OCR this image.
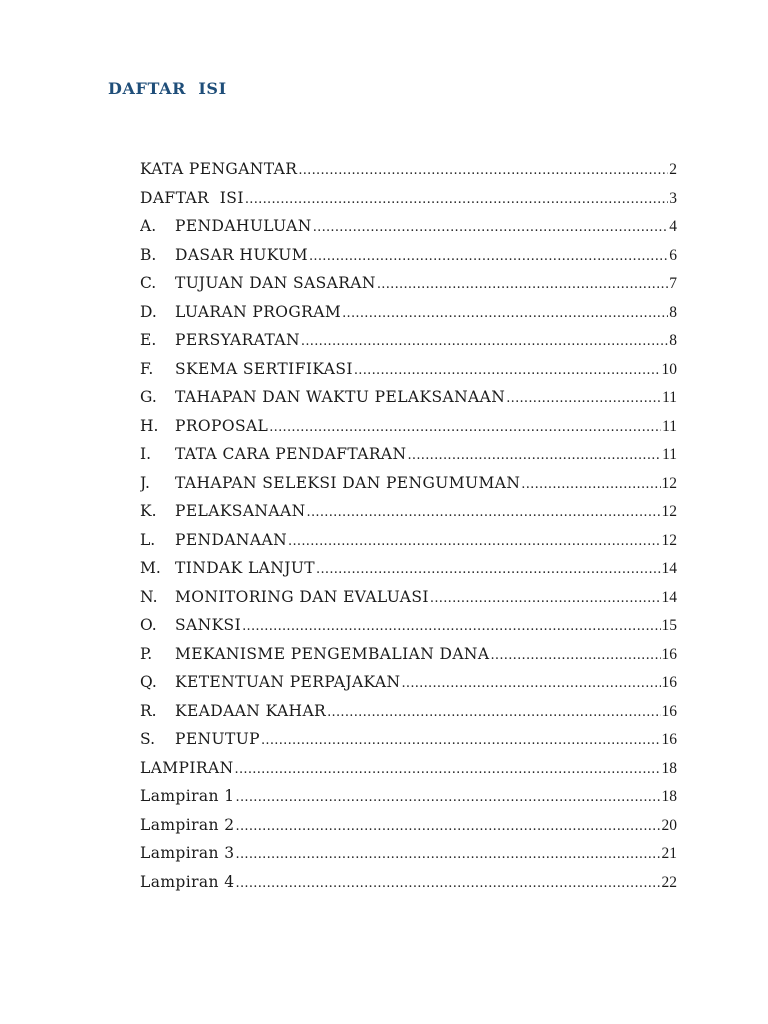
DAFTAR  ISI
KATA PENGANTAR .....	2
DAFTAR  ISI .....	3
A.	PENDAHULUAN .....	4
B.	DASAR HUKUM .....	6
C.	TUJUAN DAN SASARAN .....	7
D.	LUARAN PROGRAM .....	8
E.	PERSYARATAN .....	8
F.	SKEMA SERTIFIKASI .....	10
G.	TAHAPAN DAN WAKTU PELAKSANAAN .....	11
H.	PROPOSAL .....	11
I.	TATA CARA PENDAFTARAN .....	11
J.	TAHAPAN SELEKSI DAN PENGUMUMAN .....	12
K.	PELAKSANAAN .....	12
L.	PENDANAAN .....	12
M. TINDAK LANJUT .....	14
N.	MONITORING DAN EVALUASI .....	14
O.	SANKSI .....	15
P.	MEKANISME PENGEMBALIAN DANA .....	16
Q.	KETENTUAN PERPAJAKAN .....	16
R.	KEADAAN KAHAR .....	16
S.	PENUTUP .....	16
LAMPIRAN .....	18
Lampiran 1 .....	18
Lampiran 2 .....	20
Lampiran 3 .....	21
Lampiran 4 .....	22
